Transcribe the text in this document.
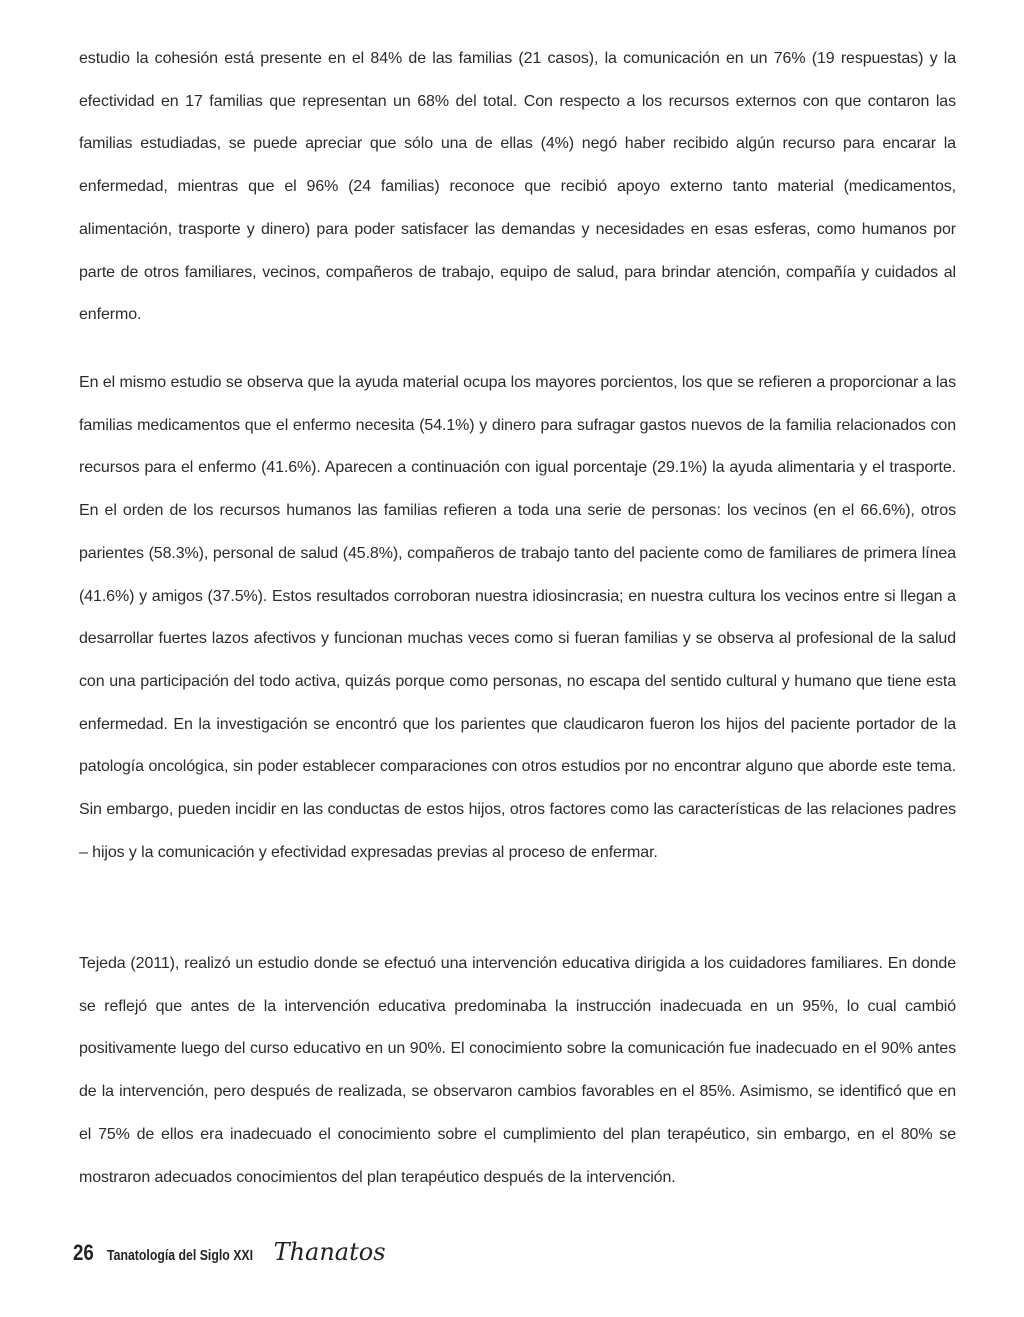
estudio la cohesión está presente en el 84% de las familias (21 casos), la comunicación en un 76% (19 respuestas) y la efectividad en 17 familias que representan un 68% del total. Con respecto a los recursos externos con que contaron las familias estudiadas, se puede apreciar que sólo una de ellas (4%) negó haber recibido algún recurso para encarar la enfermedad, mientras que el 96% (24 familias) reconoce que recibió apoyo externo tanto material (medicamentos, alimentación, trasporte y dinero) para poder satisfacer las demandas y necesidades en esas esferas, como humanos por parte de otros familiares, vecinos, compañeros de trabajo, equipo de salud, para brindar atención, compañía y cuidados al enfermo.

En el mismo estudio se observa que la ayuda material ocupa los mayores porcientos, los que se refieren a proporcionar a las familias medicamentos que el enfermo necesita (54.1%) y dinero para sufragar gastos nuevos de la familia relacionados con recursos para el enfermo (41.6%). Aparecen a continuación con igual porcentaje (29.1%) la ayuda alimentaria y el trasporte. En el orden de los recursos humanos las familias refieren a toda una serie de personas: los vecinos (en el 66.6%), otros parientes (58.3%), personal de salud (45.8%), compañeros de trabajo tanto del paciente como de familiares de primera línea (41.6%) y amigos (37.5%). Estos resultados corroboran nuestra idiosincrasia; en nuestra cultura los vecinos entre si llegan a desarrollar fuertes lazos afectivos y funcionan muchas veces como si fueran familias y se observa al profesional de la salud con una participación del todo activa, quizás porque como personas, no escapa del sentido cultural y humano que tiene esta enfermedad. En la investigación se encontró que los parientes que claudicaron fueron los hijos del paciente portador de la patología oncológica, sin poder establecer comparaciones con otros estudios por no encontrar alguno que aborde este tema. Sin embargo, pueden incidir en las conductas de estos hijos, otros factores como las características de las relaciones padres – hijos y la comunicación y efectividad expresadas previas al proceso de enfermar.

Tejeda (2011), realizó un estudio donde se efectuó una intervención educativa dirigida a los cuidadores familiares. En donde se reflejó que antes de la intervención educativa predominaba la instrucción inadecuada en un 95%, lo cual cambió positivamente luego del curso educativo en un 90%. El conocimiento sobre la comunicación fue inadecuado en el 90% antes de la intervención, pero después de realizada, se observaron cambios favorables en el 85%. Asimismo, se identificó que en el 75% de ellos era inadecuado el conocimiento sobre el cumplimiento del plan terapéutico, sin embargo, en el 80% se mostraron adecuados conocimientos del plan terapéutico después de la intervención.

26 Tanatología del Siglo XXI Thanatos
